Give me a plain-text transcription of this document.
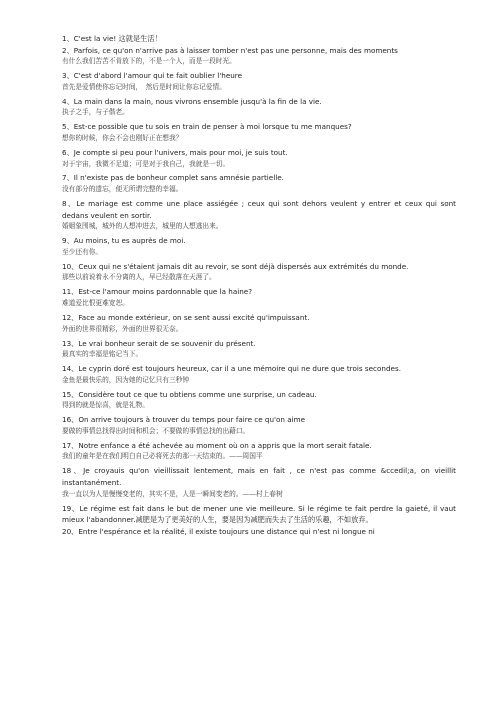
1、C'est la vie! 这就是生活！

2、Parfois, ce qu'on n'arrive pas à laisser tomber n'est pas une personne, mais des moments

有什么我们苦苦不肯放下的，不是一个人，而是一段时光。

3、C'est d'abord l'amour qui te fait oublier l'heure

首先是爱情使你忘记时间，　然后是时间让你忘记爱情。

4、La main dans la main, nous vivrons ensemble jusqu'à la fin de la vie.

执子之手，与子偕老。

5、Est-ce possible que tu sois en train de penser à moi lorsque tu me manques?

想你的时候，你会不会也刚好正在想我？

6、Je compte si peu pour l'univers, mais pour moi, je suis tout.

对于宇宙，我微不足道；可是对于我自己，我就是一切。

7、Il n'existe pas de bonheur complet sans amnésie partielle.

没有部分的遗忘，便无所谓完整的幸福。

8、Le mariage est comme une place assiégée ; ceux qui sont dehors veulent y entrer et ceux qui sont dedans veulent en sortir.

婚姻象围城，城外的人想冲进去，城里的人想逃出来。

9、Au moins, tu es auprès de moi.

至少还有你。

10、Ceux qui ne s'étaient jamais dit au revoir, se sont déjà dispersés aux extrémités du monde.

那些以前说着永不分离的人，早已经散落在天涯了。

11、Est-ce l'amour moins pardonnable que la haine?

难道爱比恨更难宽恕。

12、Face au monde extérieur, on se sent aussi excité qu'impuissant.

外面的世界很精彩，外面的世界很无奈。

13、Le vrai bonheur serait de se souvenir du présent.

最真实的幸福是铭记当下。

14、Le cyprin doré est toujours heureux, car il a une mémoire qui ne dure que trois secondes.

金鱼是最快乐的，因为她的记忆只有三秒钟

15、Considère tout ce que tu obtiens comme une surprise, un cadeau.

得到的就是惊喜，就是礼物。

16、On arrive toujours à trouver du temps pour faire ce qu'on aime

要做的事情总找得出时间和机会；不要做的事情总找的出藉口。

17、Notre enfance a été achevée au moment où on a appris que la mort serait fatale.

我们的童年是在我们明白自己必将死去的那一天结束的。——周国平

18、Je croyauis qu'on vieillissait lentement, mais en fait , ce n'est pas comme &ccedil;a, on vieillit instantanément.

我一直以为人是慢慢变老的，其实不是，人是一瞬间变老的。——村上春树

19、Le régime est fait dans le but de mener une vie meilleure. Si le régime te fait perdre la gaieté, il vaut mieux l'abandonner.减肥是为了更美好的人生，要是因为减肥而失去了生活的乐趣，不如放弃。

20、Entre l'espérance et la réalité, il existe toujours une distance qui n'est ni longue ni
